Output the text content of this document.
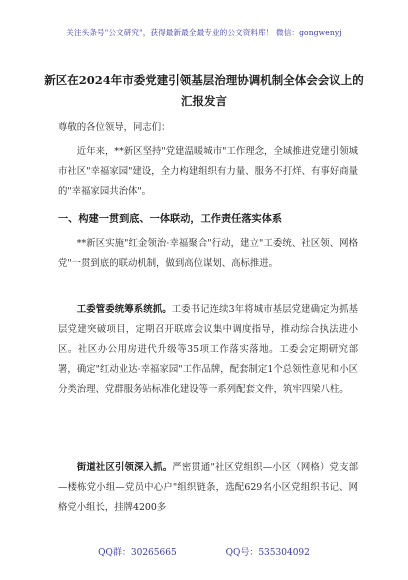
关注头条号"公文研究"，获得最新最全最专业的公文资料库！ 微信：gongwenyj
新区在2024年市委党建引领基层治理协调机制全体会会议上的汇报发言
尊敬的各位领导，同志们：
近年来，**新区坚持"党建温暖城市"工作理念，全域推进党建引领城市社区"幸福家园"建设，全力构建组织有力量、服务不打烊、有事好商量的"幸福家园共治体"。
一、构建一贯到底、一体联动，工作责任落实体系
**新区实施"红金领治·幸福聚合"行动，建立"工委统、社区领、网格党"一贯到底的联动机制，做到高位谋划、高标推进。
工委管委统筹系统抓。工委书记连续3年将城市基层党建确定为抓基层党建突破项目，定期召开联席会议集中调度指导，推动综合执法进小区。社区办公用房进代升级等35项工作落实落地。工委会定期研究部署，确定"红动业达·幸福家园"工作品牌，配套制定1个总领性意见和小区分类治理、党群服务站标准化建设等一系列配套文件，筑牢四梁八柱。
街道社区引领深入抓。严密贯通"社区党组织—小区（网格）党支部—楼栋党小组—党员中心户"组织链条，选配629名小区党组织书记、网格党小组长，挂牌4200多
QQ群：30265665	QQ号：535304092
